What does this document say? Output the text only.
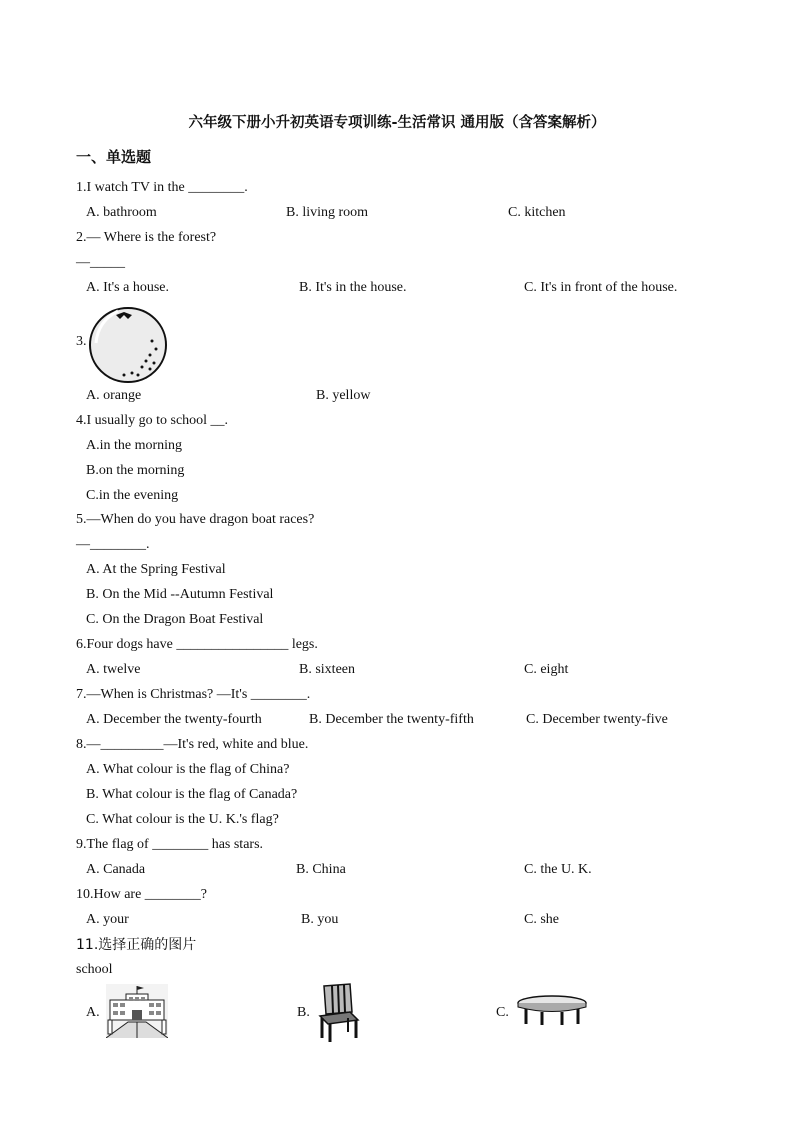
六年级下册小升初英语专项训练-生活常识 通用版（含答案解析）
一、单选题
1.I watch TV in the ________.
A. bathroom	B. living room	C. kitchen
2.— Where is the forest?
—_____
A. It's a house.	B. It's in the house.	C. It's in front of the house.
3.
A. orange	B. yellow
4.I usually go to school __.
A.in the morning
B.on the morning
C.in the evening
5.—When do you have dragon boat races?
—________.
A. At the Spring Festival
B. On the Mid --Autumn Festival
C. On the Dragon Boat Festival
6.Four dogs have ________________ legs.
A. twelve	B. sixteen	C. eight
7.—When is Christmas? —It's ________.
A. December the twenty-fourth	B. December the twenty-fifth	C. December twenty-five
8.—_________—It's red, white and blue.
A. What colour is the flag of China?
B. What colour is the flag of Canada?
C. What colour is the U. K.'s flag?
9.The flag of ________ has stars.
A. Canada	B. China	C. the U. K.
10.How are ________?
A. your	B. you	C. she
11.选择正确的图片
school
A.	B.	C.
